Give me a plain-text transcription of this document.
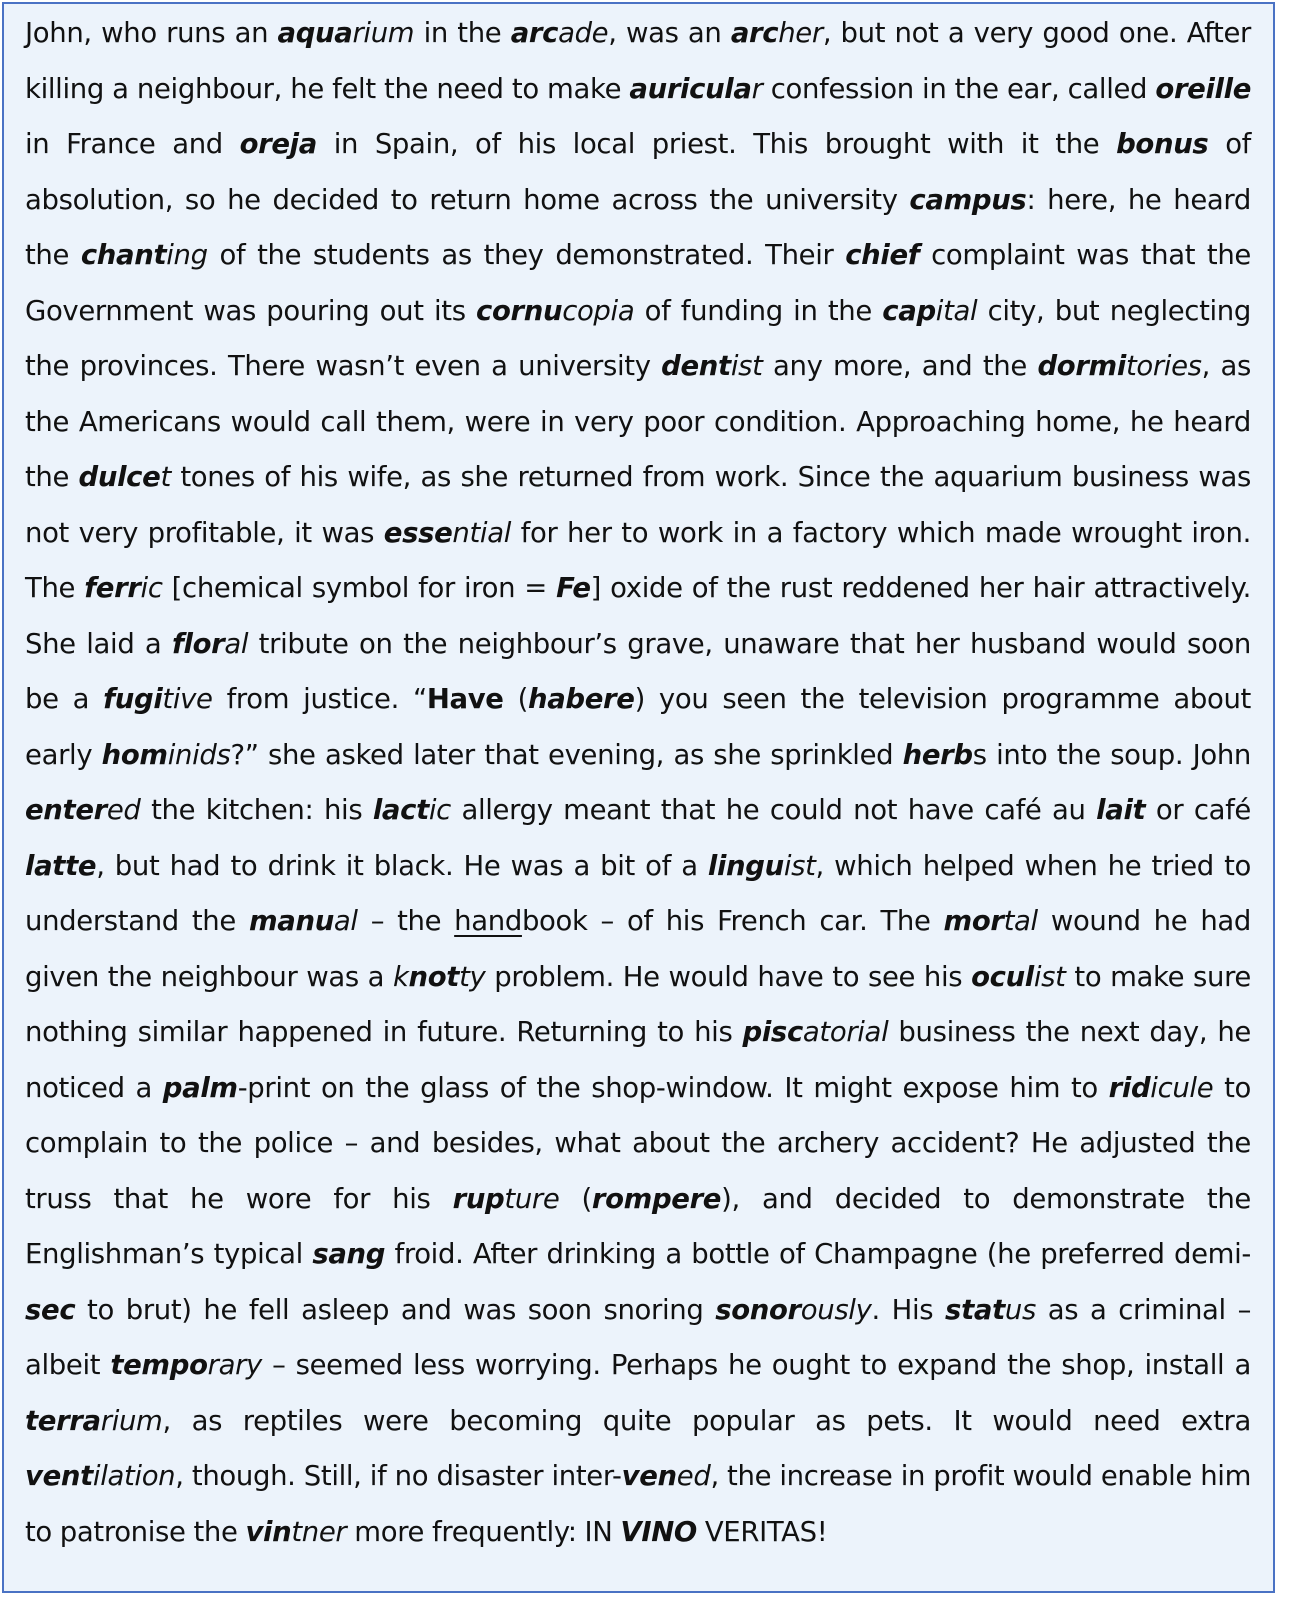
John, who runs an aquarium in the arcade, was an archer, but not a very good one. After killing a neighbour, he felt the need to make auricular confession in the ear, called oreille in France and oreja in Spain, of his local priest. This brought with it the bonus of absolution, so he decided to return home across the university campus: here, he heard the chanting of the students as they demonstrated. Their chief complaint was that the Government was pouring out its cornucopia of funding in the capital city, but neglecting the provinces. There wasn’t even a university dentist any more, and the dormitories, as the Americans would call them, were in very poor condition. Approaching home, he heard the dulcet tones of his wife, as she returned from work. Since the aquarium business was not very profitable, it was essential for her to work in a factory which made wrought iron. The ferric [chemical symbol for iron = Fe] oxide of the rust reddened her hair attractively. She laid a floral tribute on the neighbour’s grave, unaware that her husband would soon be a fugitive from justice. “Have (habere) you seen the television programme about early hominids?” she asked later that evening, as she sprinkled herbs into the soup. John entered the kitchen: his lactic allergy meant that he could not have café au lait or café latte, but had to drink it black. He was a bit of a linguist, which helped when he tried to understand the manual – the handbook – of his French car. The mortal wound he had given the neighbour was a knotty problem. He would have to see his oculist to make sure nothing similar happened in future. Returning to his piscatorial business the next day, he noticed a palm-print on the glass of the shop-window. It might expose him to ridicule to complain to the police – and besides, what about the archery accident? He adjusted the truss that he wore for his rupture (rompere), and decided to demonstrate the Englishman’s typical sang froid. After drinking a bottle of Champagne (he preferred demi-sec to brut) he fell asleep and was soon snoring sonorously. His status as a criminal – albeit temporary – seemed less worrying. Perhaps he ought to expand the shop, install a terrarium, as reptiles were becoming quite popular as pets. It would need extra ventilation, though. Still, if no disaster inter-vened, the increase in profit would enable him to patronise the vintner more frequently: IN VINO VERITAS!
